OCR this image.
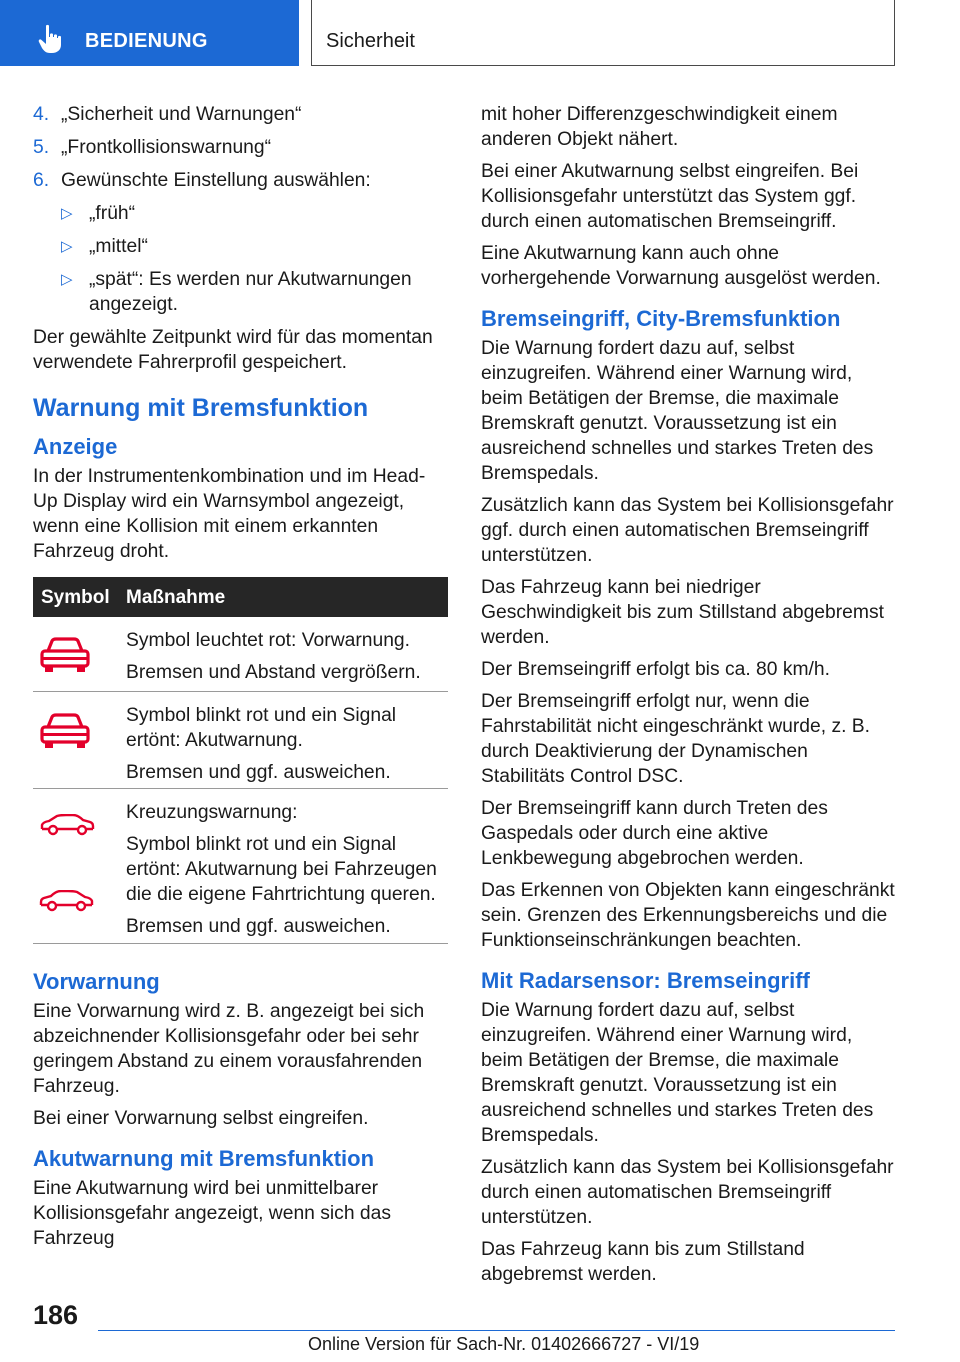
BEDIENUNG	Sicherheit
4. „Sicherheit und Warnungen“
5. „Frontkollisionswarnung“
6. Gewünschte Einstellung auswählen:
▷ „früh“
▷ „mittel“
▷ „spät“: Es werden nur Akutwarnungen angezeigt.

Der gewählte Zeitpunkt wird für das momentan verwendete Fahrerprofil gespeichert.

Warnung mit Bremsfunktion
Anzeige

In der Instrumentenkombination und im Head-Up Display wird ein Warnsymbol angezeigt, wenn eine Kollision mit einem erkannten Fahrzeug droht.

Symbol Maßnahme

Symbol leuchtet rot: Vorwarnung.

Bremsen und Abstand vergrößern.

Symbol blinkt rot und ein Signal ertönt: Akutwarnung.

Bremsen und ggf. ausweichen.

Kreuzungswarnung:

Symbol blinkt rot und ein Signal ertönt: Akutwarnung bei Fahrzeugen die die eigene Fahrtrichtung queren.

Bremsen und ggf. ausweichen.

Vorwarnung

Eine Vorwarnung wird z. B. angezeigt bei sich abzeichnender Kollisionsgefahr oder bei sehr geringem Abstand zu einem vorausfahrenden Fahrzeug.

Bei einer Vorwarnung selbst eingreifen.

Akutwarnung mit Bremsfunktion

Eine Akutwarnung wird bei unmittelbarer Kollisionsgefahr angezeigt, wenn sich das Fahrzeug

mit hoher Differenzgeschwindigkeit einem anderen Objekt nähert.

Bei einer Akutwarnung selbst eingreifen. Bei Kollisionsgefahr unterstützt das System ggf. durch einen automatischen Bremseingriff.

Eine Akutwarnung kann auch ohne vorhergehende Vorwarnung ausgelöst werden.

Bremseingriff, City-Bremsfunktion

Die Warnung fordert dazu auf, selbst einzugreifen. Während einer Warnung wird, beim Betätigen der Bremse, die maximale Bremskraft genutzt. Voraussetzung ist ein ausreichend schnelles und starkes Treten des Bremspedals.

Zusätzlich kann das System bei Kollisionsgefahr ggf. durch einen automatischen Bremseingriff unterstützen.

Das Fahrzeug kann bei niedriger Geschwindigkeit bis zum Stillstand abgebremst werden.

Der Bremseingriff erfolgt bis ca. 80 km/h.

Der Bremseingriff erfolgt nur, wenn die Fahrstabilität nicht eingeschränkt wurde, z. B. durch Deaktivierung der Dynamischen Stabilitäts Control DSC.

Der Bremseingriff kann durch Treten des Gaspedals oder durch eine aktive Lenkbewegung abgebrochen werden.

Das Erkennen von Objekten kann eingeschränkt sein. Grenzen des Erkennungsbereichs und die Funktionseinschränkungen beachten.

Mit Radarsensor: Bremseingriff

Die Warnung fordert dazu auf, selbst einzugreifen. Während einer Warnung wird, beim Betätigen der Bremse, die maximale Bremskraft genutzt. Voraussetzung ist ein ausreichend schnelles und starkes Treten des Bremspedals.

Zusätzlich kann das System bei Kollisionsgefahr durch einen automatischen Bremseingriff unterstützen.

Das Fahrzeug kann bis zum Stillstand abgebremst werden.

186
Online Version für Sach-Nr. 01402666727 - VI/19
